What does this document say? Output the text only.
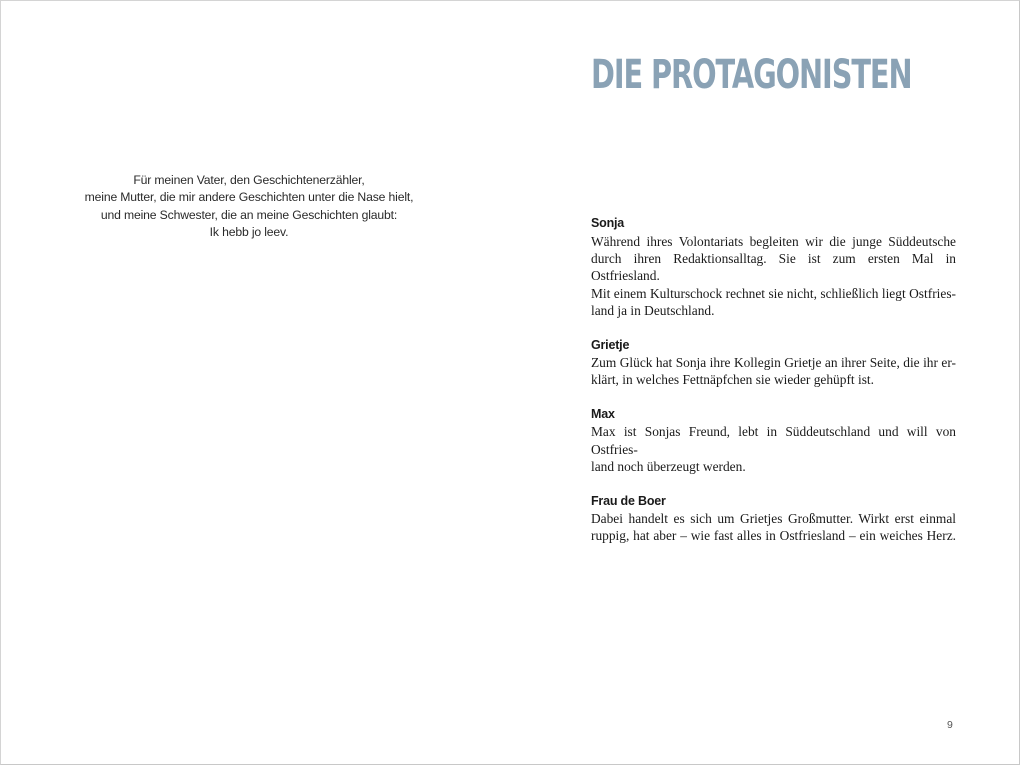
Für meinen Vater, den Geschichtenerzähler,
meine Mutter, die mir andere Geschichten unter die Nase hielt,
und meine Schwester, die an meine Geschichten glaubt:
Ik hebb jo leev.
DIE PROTAGONISTEN
Sonja
Während ihres Volontariats begleiten wir die junge Süddeutsche
durch ihren Redaktionsalltag. Sie ist zum ersten Mal in Ostfriesland.
Mit einem Kulturschock rechnet sie nicht, schließlich liegt Ostfries-
land ja in Deutschland.
Grietje
Zum Glück hat Sonja ihre Kollegin Grietje an ihrer Seite, die ihr er-
klärt, in welches Fettnäpfchen sie wieder gehüpft ist.
Max
Max ist Sonjas Freund, lebt in Süddeutschland und will von Ostfries-
land noch überzeugt werden.
Frau de Boer
Dabei handelt es sich um Grietjes Großmutter. Wirkt erst einmal
ruppig, hat aber – wie fast alles in Ostfriesland – ein weiches Herz.
9
